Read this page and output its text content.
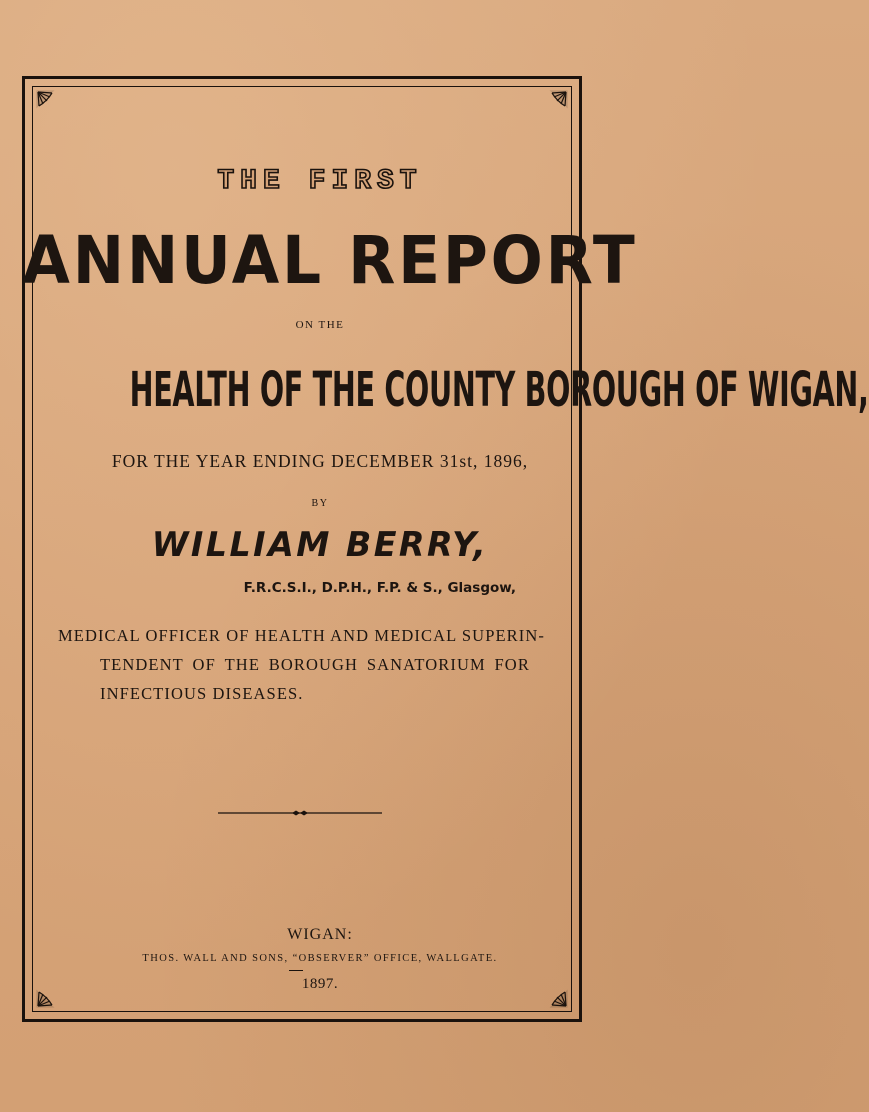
THE FIRST
ANNUAL REPORT
ON THE
HEALTH OF THE COUNTY BOROUGH OF WIGAN,
FOR THE YEAR ENDING DECEMBER 31st, 1896,
BY
WILLIAM BERRY,
F.R.C.S.I., D.P.H., F.P. & S., Glasgow,
MEDICAL OFFICER OF HEALTH AND MEDICAL SUPERIN-
TENDENT OF THE BOROUGH SANATORIUM FOR
INFECTIOUS DISEASES.
WIGAN:
THOS. WALL AND SONS, “OBSERVER” OFFICE, WALLGATE.
1897.
